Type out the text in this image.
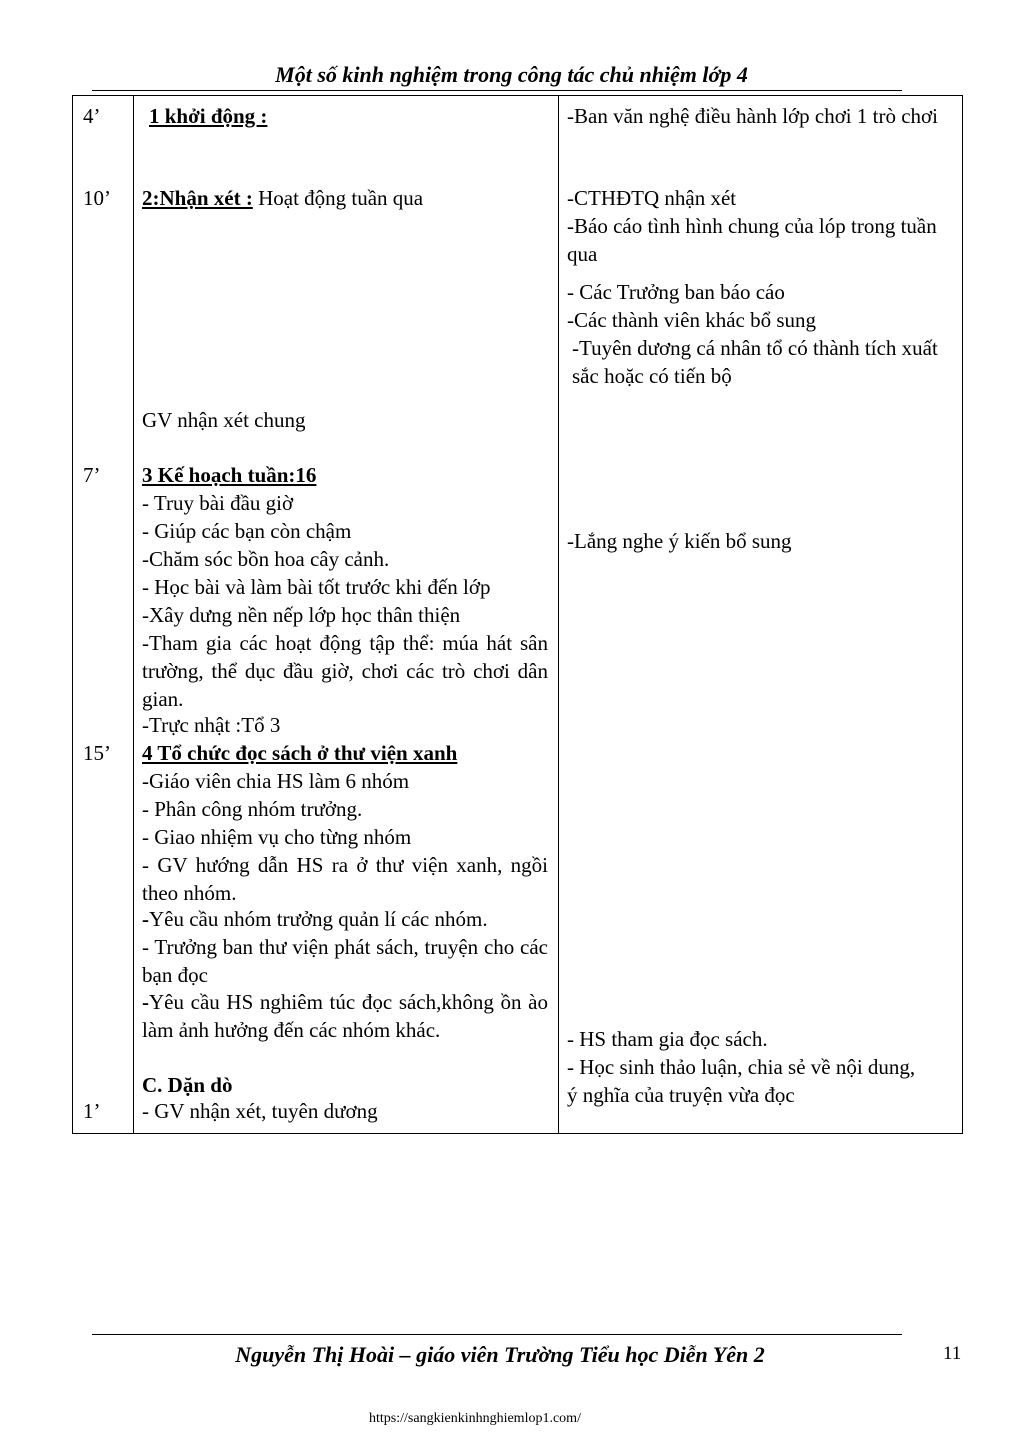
Một số kinh nghiệm trong công tác chủ nhiệm lớp 4
4’
10’
7’
15’
1’
1 khởi động :
2:Nhận xét : Hoạt động tuần qua
GV nhận xét chung
3 Kế hoạch tuần:16
- Truy bài đầu giờ
- Giúp các bạn còn chậm
-Chăm sóc bồn hoa cây cảnh.
- Học bài và làm bài tốt trước khi đến lớp
-Xây dưng nền nếp lớp học thân thiện
-Tham gia các hoạt động tập thể: múa hát sân trường, thể dục đầu giờ, chơi các trò chơi dân gian.
-Trực nhật :Tổ 3
4 Tổ chức đọc sách ở thư viện xanh
-Giáo viên chia HS làm 6 nhóm
- Phân công nhóm trưởng.
- Giao nhiệm vụ cho từng nhóm
- GV hướng dẫn HS ra ở thư viện xanh, ngồi theo nhóm.
-Yêu cầu nhóm trưởng quản lí các nhóm.
- Trưởng ban thư viện phát sách, truyện cho các bạn đọc
-Yêu cầu HS nghiêm túc đọc sách,không ồn ào làm ảnh hưởng đến các nhóm khác.
C. Dặn dò
- GV nhận xét, tuyên dương
-Ban văn nghệ điều hành lớp chơi 1 trò chơi
-CTHĐTQ nhận xét
-Báo cáo tình hình chung của lóp trong tuần qua
- Các Trưởng ban báo cáo
-Các thành viên khác bổ sung
-Tuyên dương cá nhân tổ có thành tích xuất sắc hoặc có tiến bộ
-Lắng nghe ý kiến bổ sung
- HS tham gia đọc sách.
- Học sinh thảo luận, chia sẻ về nội dung, ý nghĩa của truyện vừa đọc
Nguyễn Thị Hoài – giáo viên Trường Tiểu học Diễn Yên 2	11
https://sangkienkinhnghiemlop1.com/
